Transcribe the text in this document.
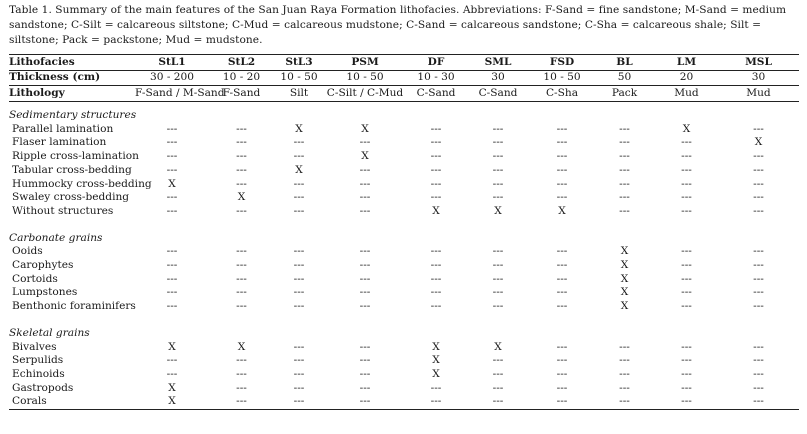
Table 1. Summary of the main features of the San Juan Raya Formation lithofacies. Abbreviations: F-Sand = fine sandstone; M-Sand = medium sandstone; C-Silt = calcareous siltstone; C-Mud = calcareous mudstone; C-Sand = calcareous sandstone; C-Sha = calcareous shale; Silt = siltstone; Pack = packstone; Mud = mudstone.

Lithofacies	StL1	StL2	StL3	PSM	DF	SML	FSD	BL	LM	MSL
Thickness (cm)	30 - 200	10 - 20	10 - 50	10 - 50	10 - 30	30	10 - 50	50	20	30
Lithology	F-Sand / M-Sand	F-Sand	Silt	C-Silt / C-Mud	C-Sand	C-Sand	C-Sha	Pack	Mud	Mud
Sedimentary structures										
Parallel lamination	---	---	X	X	---	---	---	---	X	---
Flaser lamination	---	---	---	---	---	---	---	---	---	X
Ripple cross-lamination	---	---	---	X	---	---	---	---	---	---
Tabular cross-bedding	---	---	X	---	---	---	---	---	---	---
Hummocky cross-bedding	X	---	---	---	---	---	---	---	---	---
Swaley cross-bedding	---	X	---	---	---	---	---	---	---	---
Without structures	---	---	---	---	X	X	X	---	---	---

Carbonate grains										
Ooids	---	---	---	---	---	---	---	X	---	---
Carophytes	---	---	---	---	---	---	---	X	---	---
Cortoids	---	---	---	---	---	---	---	X	---	---
Lumpstones	---	---	---	---	---	---	---	X	---	---
Benthonic foraminifers	---	---	---	---	---	---	---	X	---	---

Skeletal grains										
Bivalves	X	X	---	---	X	X	---	---	---	---
Serpulids	---	---	---	---	X	---	---	---	---	---
Echinoids	---	---	---	---	X	---	---	---	---	---
Gastropods	X	---	---	---	---	---	---	---	---	---
Corals	X	---	---	---	---	---	---	---	---	---
